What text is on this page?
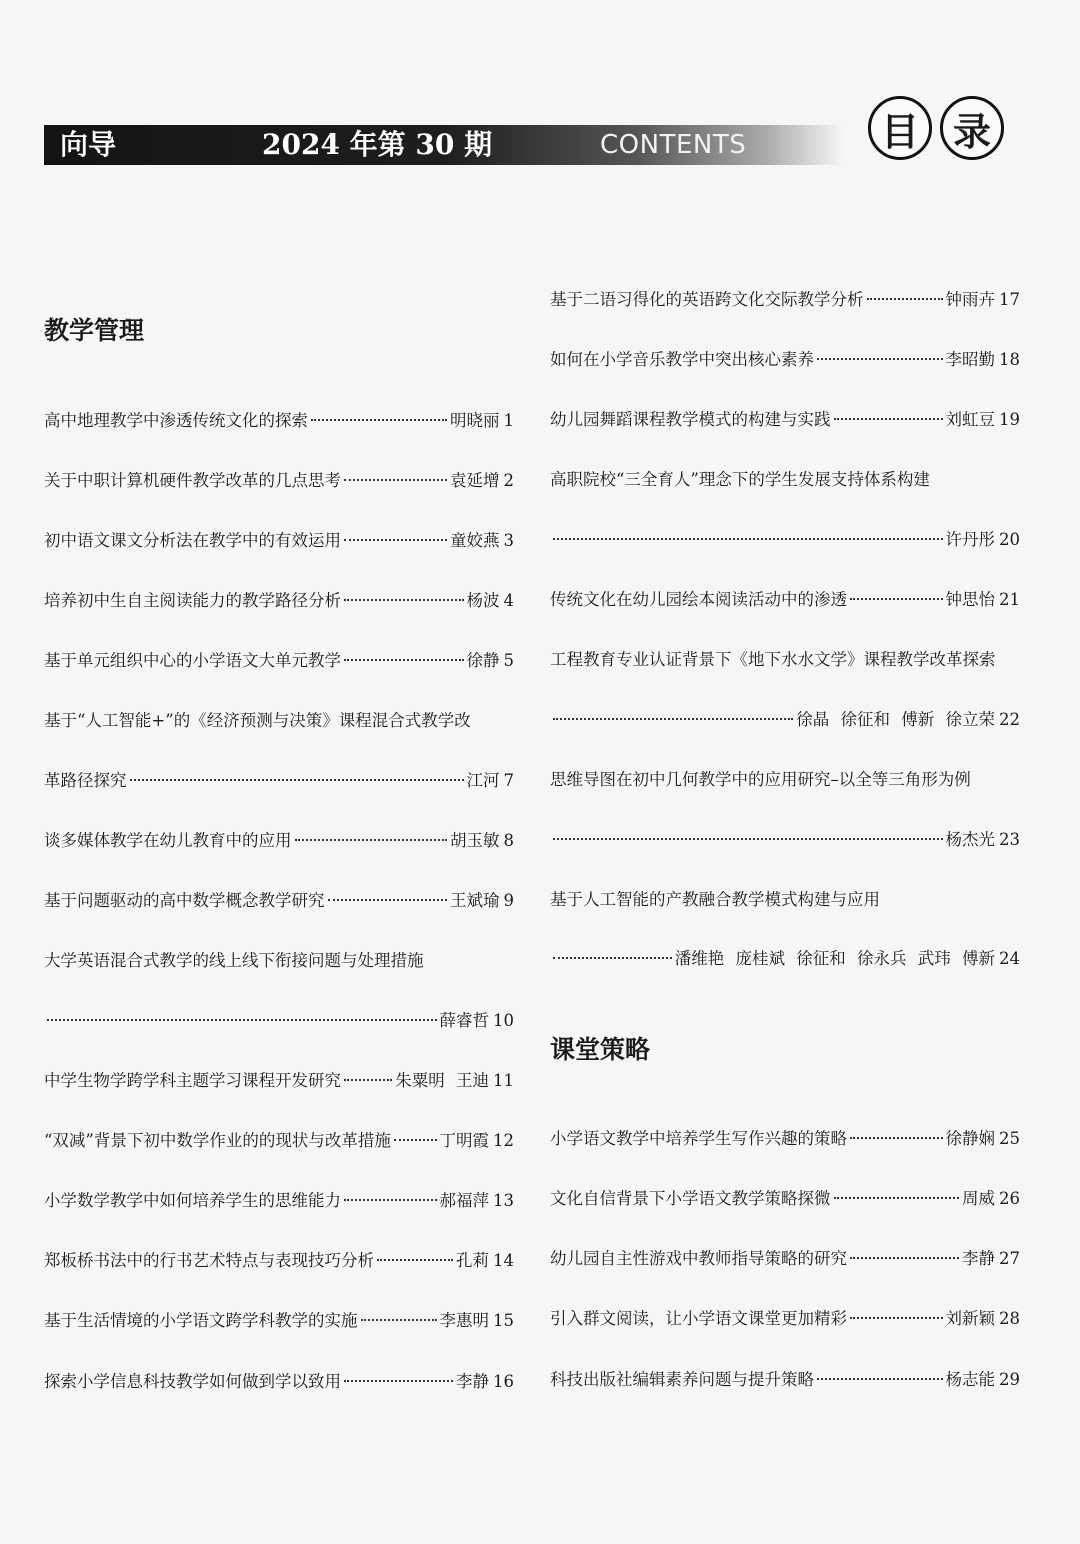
向导	2024 年第 30 期	CONTENTS	目 录
教学管理
高中地理教学中渗透传统文化的探索	明晓丽 1
关于中职计算机硬件教学改革的几点思考	袁延增 2
初中语文课文分析法在教学中的有效运用	童姣燕 3
培养初中生自主阅读能力的教学路径分析	杨波 4
基于单元组织中心的小学语文大单元教学	徐静 5
基于“人工智能+”的《经济预测与决策》课程混合式教学改
革路径探究	江河 7
谈多媒体教学在幼儿教育中的应用	胡玉敏 8
基于问题驱动的高中数学概念教学研究	王斌瑜 9
大学英语混合式教学的线上线下衔接问题与处理措施
薛睿哲 10
中学生物学跨学科主题学习课程开发研究	朱粟明 王迪 11
“双减”背景下初中数学作业的的现状与改革措施	丁明霞 12
小学数学教学中如何培养学生的思维能力	郝福萍 13
郑板桥书法中的行书艺术特点与表现技巧分析	孔莉 14
基于生活情境的小学语文跨学科教学的实施	李惠明 15
探索小学信息科技教学如何做到学以致用	李静 16
基于二语习得化的英语跨文化交际教学分析	钟雨卉 17
如何在小学音乐教学中突出核心素养	李昭勤 18
幼儿园舞蹈课程教学模式的构建与实践	刘虹豆 19
高职院校“三全育人”理念下的学生发展支持体系构建
许丹彤 20
传统文化在幼儿园绘本阅读活动中的渗透	钟思怡 21
工程教育专业认证背景下《地下水水文学》课程教学改革探索
徐晶 徐征和 傅新 徐立荣 22
思维导图在初中几何教学中的应用研究–以全等三角形为例
杨杰光 23
基于人工智能的产教融合教学模式构建与应用
潘维艳 庞桂斌 徐征和 徐永兵 武玮 傅新 24
课堂策略
小学语文教学中培养学生写作兴趣的策略	徐静娴 25
文化自信背景下小学语文教学策略探微	周威 26
幼儿园自主性游戏中教师指导策略的研究	李静 27
引入群文阅读，让小学语文课堂更加精彩	刘新颖 28
科技出版社编辑素养问题与提升策略	杨志能 29
